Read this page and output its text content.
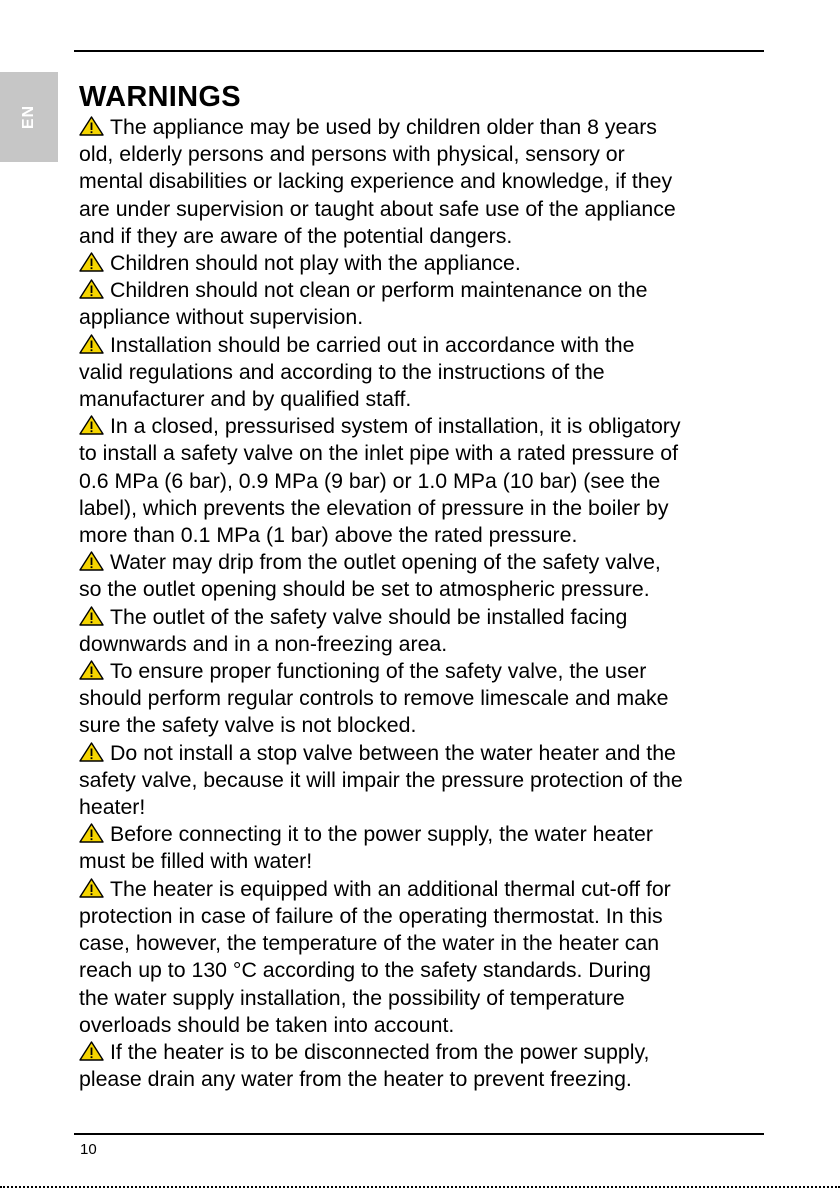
EN
WARNINGS
The appliance may be used by children older than 8 years
old, elderly persons and persons with physical, sensory or
mental disabilities or lacking experience and knowledge, if they
are under supervision or taught about safe use of the appliance
and if they are aware of the potential dangers.
Children should not play with the appliance.
Children should not clean or perform maintenance on the
appliance without supervision.
Installation should be carried out in accordance with the
valid regulations and according to the instructions of the
manufacturer and by qualified staff.
In a closed, pressurised system of installation, it is obligatory
to install a safety valve on the inlet pipe with a rated pressure of
0.6 MPa (6 bar), 0.9 MPa (9 bar) or 1.0 MPa (10 bar) (see the
label), which prevents the elevation of pressure in the boiler by
more than 0.1 MPa (1 bar) above the rated pressure.
Water may drip from the outlet opening of the safety valve,
so the outlet opening should be set to atmospheric pressure.
The outlet of the safety valve should be installed facing
downwards and in a non-freezing area.
To ensure proper functioning of the safety valve, the user
should perform regular controls to remove limescale and make
sure the safety valve is not blocked.
Do not install a stop valve between the water heater and the
safety valve, because it will impair the pressure protection of the
heater!
Before connecting it to the power supply, the water heater
must be filled with water!
The heater is equipped with an additional thermal cut-off for
protection in case of failure of the operating thermostat. In this
case, however, the temperature of the water in the heater can
reach up to 130 °C according to the safety standards. During
the water supply installation, the possibility of temperature
overloads should be taken into account.
If the heater is to be disconnected from the power supply,
please drain any water from the heater to prevent freezing.
10
